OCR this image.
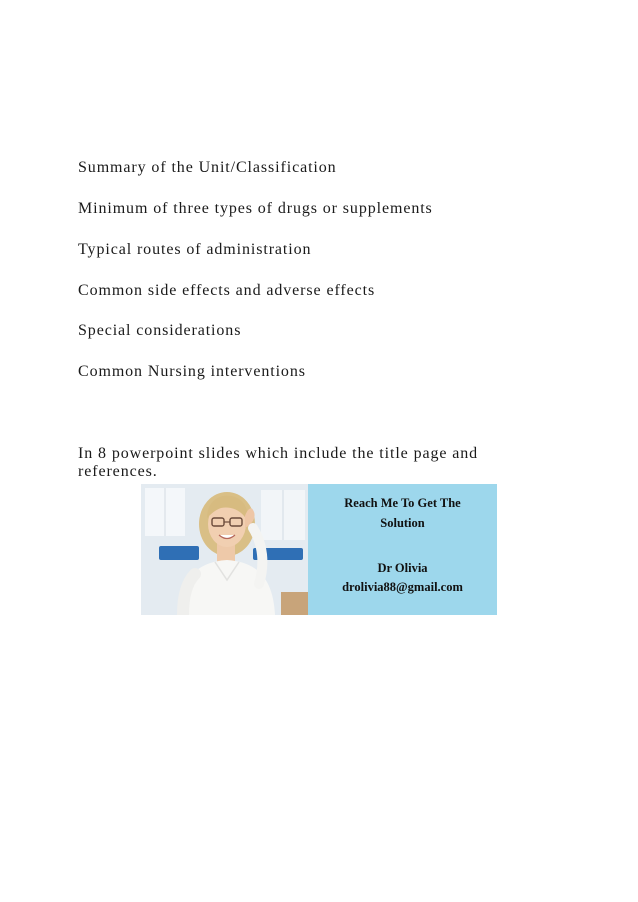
Summary of the Unit/Classification
Minimum of three types of drugs or supplements
Typical routes of administration
Common side effects and adverse effects
Special considerations
Common Nursing interventions
In 8 powerpoint slides which include the title page and references.
Reach Me To Get The
Solution
Dr Olivia
drolivia88@gmail.com
